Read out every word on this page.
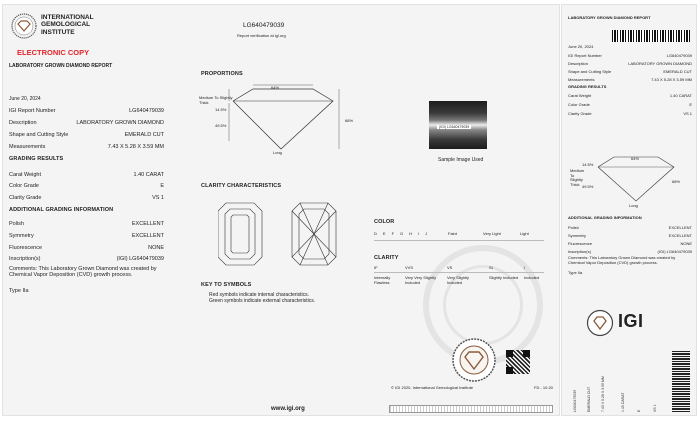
INTERNATIONAL
GEMOLOGICAL
INSTITUTE
ELECTRONIC COPY
LABORATORY GROWN DIAMOND REPORT
LG640479039
Report verification at igi.org
June 20, 2024
IGI Report Number	LG640479039
Description	LABORATORY GROWN DIAMOND
Shape and Cutting Style	EMERALD CUT
Measurements	7.43 X 5.28 X 3.59 MM
GRADING RESULTS
Carat Weight	1.40 CARAT
Color Grade	E
Clarity Grade	VS 1
ADDITIONAL GRADING INFORMATION
Polish	EXCELLENT
Symmetry	EXCELLENT
Fluorescence	NONE
Inscription(s)	(IGI) LG640479039
Comments: This Laboratory Grown Diamond was created by Chemical Vapor Deposition (CVD) growth process.
Type IIa
PROPORTIONS
64%
Medium To Slightly Thick
14.5%
49.5%
68%
Long
CLARITY CHARACTERISTICS
KEY TO SYMBOLS
Red symbols indicate internal characteristics.
Green symbols indicate external characteristics.
www.igi.org
(IGI) LG640479039
Sample Image Used
COLOR
D E F G H I J	Faint	Very Light	Light
CLARITY
IF	VVS	VS	SI	I
Internally Flawless
Very Very Slightly Included
Very Slightly Included
Slightly Included	Included
© IGI 2020, International Gemological Institute	FD - 10.20
LABORATORY GROWN DIAMOND REPORT
June 20, 2024
IGI Report Number	LG640479039
Description	LABORATORY GROWN DIAMOND
Shape and Cutting Style	EMERALD CUT
Measurements	7.43 X 5.28 X 3.59 MM
GRADING RESULTS
Carat Weight	1.40 CARAT
Color Grade	E
Clarity Grade	VS 1
64%
Medium To Slightly Thick
14.5%
49.5%
68%
Long
ADDITIONAL GRADING INFORMATION
Polish	EXCELLENT
Symmetry	EXCELLENT
Fluorescence	NONE
Inscription(s)	(IGI) LG640479039
Comments: This Laboratory Grown Diamond was created by Chemical Vapor Deposition (CVD) growth process.
Type IIa
IGI
LG640479039	EMERALD CUT	7.43 X 5.28 X 3.59 MM	1.40 CARAT	E	VS 1
